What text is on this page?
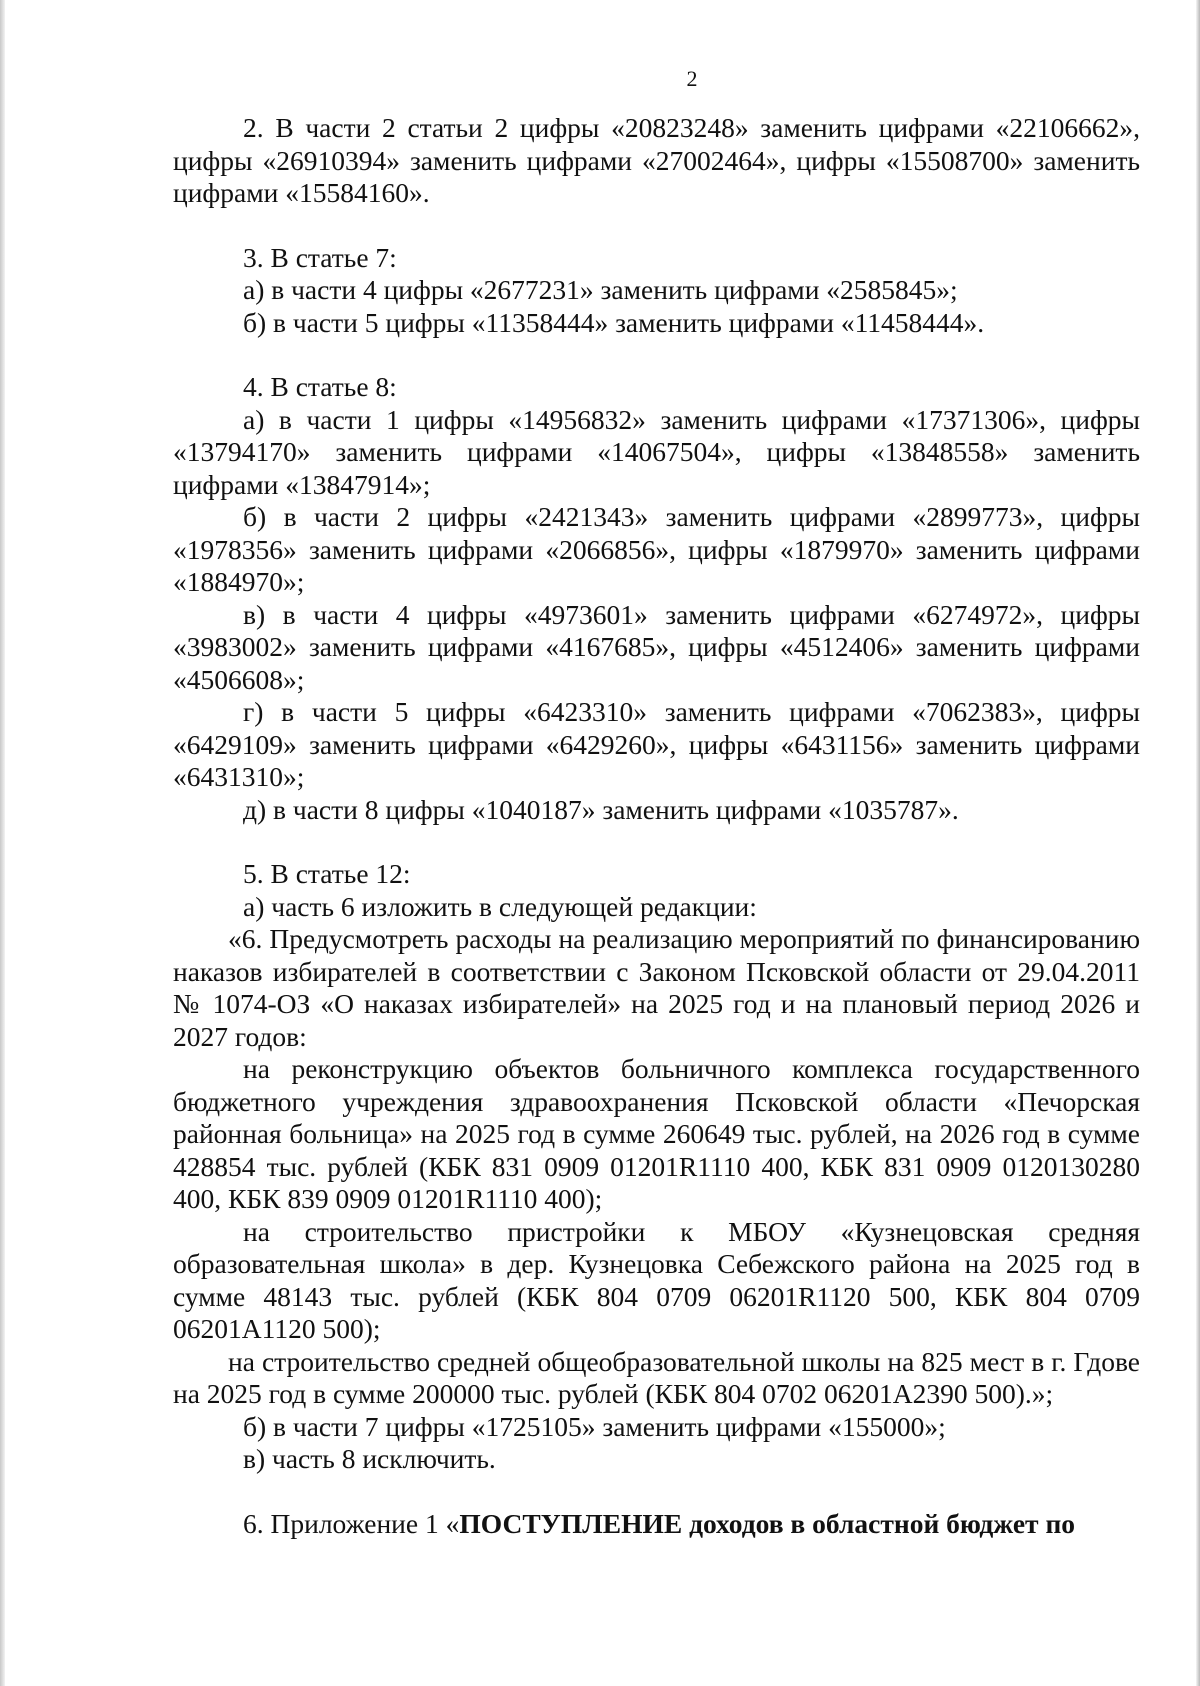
2

2. В части 2 статьи 2 цифры «20823248» заменить цифрами «22106662», цифры «26910394» заменить цифрами «27002464», цифры «15508700» заменить цифрами «15584160».

3. В статье 7:

а) в части 4 цифры «2677231» заменить цифрами «2585845»;

б) в части 5 цифры «11358444» заменить цифрами «11458444».

4. В статье 8:

а) в части 1 цифры «14956832» заменить цифрами «17371306», цифры «13794170» заменить цифрами «14067504», цифры «13848558» заменить цифрами «13847914»;

б) в части 2 цифры «2421343» заменить цифрами «2899773», цифры «1978356» заменить цифрами «2066856», цифры «1879970» заменить цифрами «1884970»;

в) в части 4 цифры «4973601» заменить цифрами «6274972», цифры «3983002» заменить цифрами «4167685», цифры «4512406» заменить цифрами «4506608»;

г) в части 5 цифры «6423310» заменить цифрами «7062383», цифры «6429109» заменить цифрами «6429260», цифры «6431156» заменить цифрами «6431310»;

д) в части 8 цифры «1040187» заменить цифрами «1035787».

5. В статье 12:

а) часть 6 изложить в следующей редакции:

«6. Предусмотреть расходы на реализацию мероприятий по финансированию наказов избирателей в соответствии с Законом Псковской области от 29.04.2011 № 1074-ОЗ «О наказах избирателей» на 2025 год и на плановый период 2026 и 2027 годов:

на реконструкцию объектов больничного комплекса государственного бюджетного учреждения здравоохранения Псковской области «Печорская районная больница» на 2025 год в сумме 260649 тыс. рублей, на 2026 год в сумме 428854 тыс. рублей (КБК 831 0909 01201R1110 400, КБК 831 0909 0120130280 400, КБК 839 0909 01201R1110 400);

на строительство пристройки к МБОУ «Кузнецовская средняя образовательная школа» в дер. Кузнецовка Себежского района на 2025 год в сумме 48143 тыс. рублей (КБК 804 0709 06201R1120 500, КБК 804 0709 06201А1120 500);

на строительство средней общеобразовательной школы на 825 мест в г. Гдове на 2025 год в сумме 200000 тыс. рублей (КБК 804 0702 06201А2390 500).»;

б) в части 7 цифры «1725105» заменить цифрами «155000»;

в) часть 8 исключить.

6. Приложение 1 «ПОСТУПЛЕНИЕ доходов в областной бюджет по
